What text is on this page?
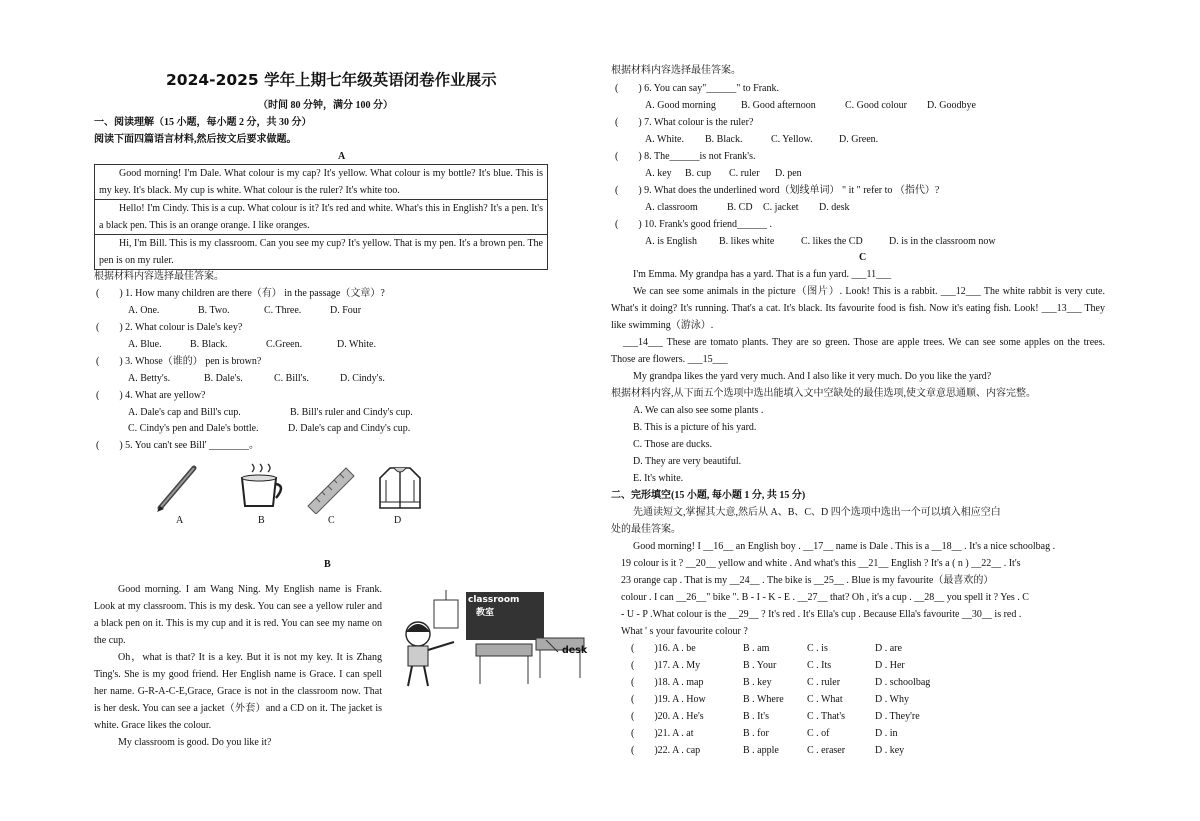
2024-2025 学年上期七年级英语闭卷作业展示
（时间 80 分钟，满分 100 分）
一、阅读理解（15 小题，每小题 2 分，共 30 分）
阅读下面四篇语言材料,然后按文后要求做题。
A
Good morning! I'm Dale. What colour is my cap? It's yellow. What colour is my bottle? It's blue. This is my key. It's black. My cup is white. What colour is the ruler? It's white too.
Hello! I'm Cindy. This is a cup. What colour is it? It's red and white. What's this in English? It's a pen. It's a black pen. This is an orange orange. I like oranges.
Hi, I'm Bill. This is my classroom. Can you see my cup? It's yellow. That is my pen. It's a brown pen. The pen is on my ruler.
根据材料内容选择最佳答案。
(　　) 1. How many children are there（有） in the passage（文章）?
A. One.	B. Two.	C. Three.	D. Four
(　　) 2. What colour is Dale's key?
A. Blue.	B. Black.	C.Green.	D. White.
(　　) 3. Whose（谁的） pen is brown?
A. Betty's.	B. Dale's.	C. Bill's.	D. Cindy's.
(　　) 4. What are yellow?
A. Dale's cap and Bill's cup.	B. Bill's ruler and Cindy's cup.
C. Cindy's pen and Dale's bottle.	D. Dale's cap and Cindy's cup.
(　　) 5. You can't see Bill' ________。
A	B	C	D
B
Good morning. I am Wang Ning. My English name is Frank. Look at my classroom. This is my desk. You can see a yellow ruler and a black pen on it. This is my cup and it is red. You can see my name on the cup.
Oh，what is that? It is a key. But it is not my key. It is Zhang Ting's. She is my good friend. Her English name is Grace. I can spell her name. G-R-A-C-E,Grace, Grace is not in the classroom now. That is her desk. You can see a jacket（外套）and a CD on it. The jacket is white. Grace likes the colour.
My classroom is good. Do you like it?
classroom
教室
desk
根据材料内容选择最佳答案。
(　　) 6. You can say"______" to Frank.
A. Good morning	B. Good afternoon	C. Good colour D. Goodbye
(　　) 7. What colour is the ruler?
A. White. B. Black.	C. Yellow.	D. Green.
(　　) 8. The______is not Frank's.
A. key B. cup C. ruler D. pen
(　　) 9. What does the underlined word（划线单词） " it " refer to （指代）?
A. classroom	B. CD C. jacket D. desk
(　　) 10. Frank's good friend______ .
A. is English B. likes white	C. likes the CD	D. is in the classroom now
C
I'm Emma. My grandpa has a yard. That is a fun yard. ___11___
We can see some animals in the picture（图片）. Look! This is a rabbit. ___12___ The white rabbit is very cute. What's it doing? It's running. That's a cat. It's black. Its favourite food is fish. Now it's eating fish. Look! ___13___ They like swimming（游泳）.
___14___ These are tomato plants. They are so green. Those are apple trees. We can see some apples on the trees. Those are flowers. ___15___
My grandpa likes the yard very much. And I also like it very much. Do you like the yard?
根据材料内容,从下面五个选项中选出能填入文中空缺处的最佳选项,使文章意思通顺、内容完整。
A. We can also see some plants .
B. This is a picture of his yard.
C. Those are ducks.
D. They are very beautiful.
E. It's white.
二、完形填空(15 小题, 每小题 1 分, 共 15 分)
先通读短文,掌握其大意,然后从 A、B、C、D 四个选项中选出一个可以填入相应空白
处的最佳答案。
Good morning! I __16__ an English boy . __17__ name is Dale . This is a __18__ . It's a nice schoolbag .
19 colour is it ? __20__ yellow and white . And what's this __21__ English ? It's a ( n ) __22__ . It's
23 orange cap . That is my __24__ . The bike is __25__ . Blue is my favourite（最喜欢的）
colour . I can __26__" bike ". B - I - K - E . __27__ that? Oh , it's a cup . __28__ you spell it ? Yes . C
- U - P .What colour is the __29__ ? It's red . It's Ella's cup . Because Ella's favourite __30__ is red .
What ' s your favourite colour ?
(　　)16. A . be	B . am	C . is	D . are
(　　)17. A . My	B . Your	C . Its	D . Her
(　　)18. A . map	B . key	C . ruler	D . schoolbag
(　　)19. A . How	B . Where C . What	D . Why
(　　)20. A . He's	B . It's	C . That's	D . They're
(　　)21. A . at	B . for	C . of	D . in
(　　)22. A . cap	B . apple	C . eraser	D . key
